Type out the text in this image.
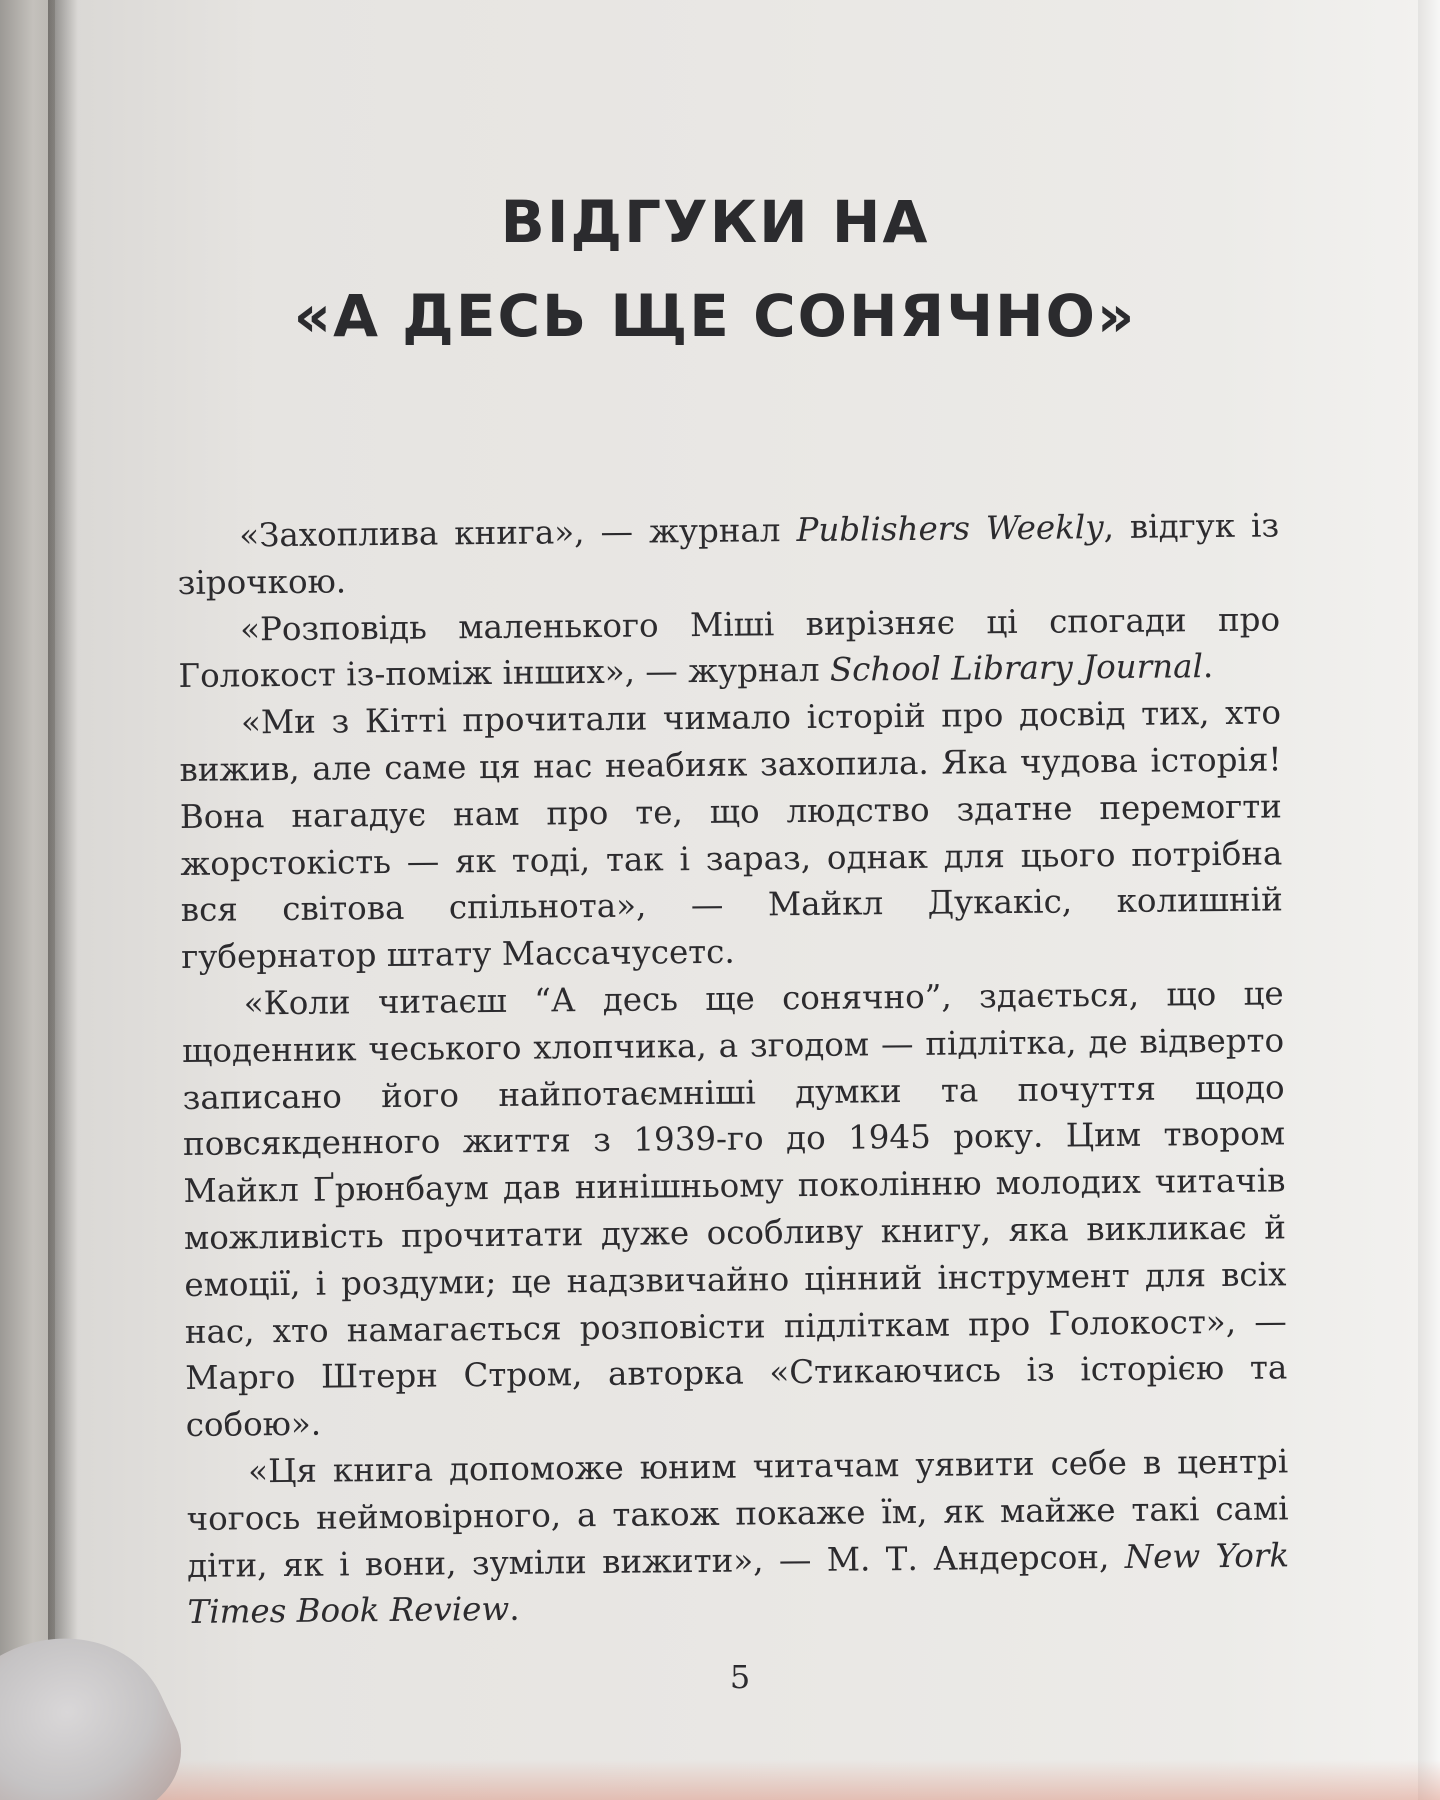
ВІДГУКИ НА
«А ДЕСЬ ЩЕ СОНЯЧНО»

«Захоплива книга», — журнал Publishers Weekly, відгук із зірочкою.

«Розповідь маленького Міші вирізняє ці спогади про Голокост із-поміж інших», — журнал School Library Journal.

«Ми з Кітті прочитали чимало історій про досвід тих, хто вижив, але саме ця нас неабияк захопила. Яка чудова історія! Вона нагадує нам про те, що людство здатне перемогти жорстокість — як тоді, так і зараз, однак для цього потрібна вся світова спільнота», — Майкл Дукакіс, колишній губернатор штату Массачусетс.

«Коли читаєш “А десь ще сонячно”, здається, що це щоденник чеського хлопчика, а згодом — підлітка, де відверто записано його найпотаємніші думки та почуття щодо повсякденного життя з 1939-го до 1945 року. Цим твором Майкл Ґрюнбаум дав нинішньому поколінню молодих читачів можливість прочитати дуже особливу книгу, яка викликає й емоції, і роздуми; це надзвичайно цінний інструмент для всіх нас, хто намагається розповісти підліткам про Голокост», — Марго Штерн Стром, авторка «Стикаючись із історією та собою».

«Ця книга допоможе юним читачам уявити себе в центрі чогось неймовірного, а також покаже їм, як майже такі самі діти, як і вони, зуміли вижити», — М. Т. Андерсон, New York Times Book Review.

5
